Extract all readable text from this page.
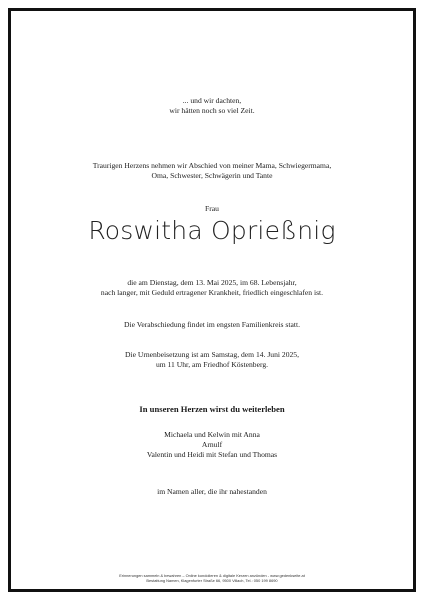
... und wir dachten,
wir hätten noch so viel Zeit.
Traurigen Herzens nehmen wir Abschied von meiner Mama, Schwiegermama,
Oma, Schwester, Schwägerin und Tante
Frau
Roswitha Oprießnig
die am Dienstag, dem 13. Mai 2025, im 68. Lebensjahr,
nach langer, mit Geduld ertragener Krankheit, friedlich eingeschlafen ist.
Die Verabschiedung findet im engsten Familienkreis statt.
Die Urnenbeisetzung ist am Samstag, dem 14. Juni 2025,
um 11 Uhr, am Friedhof Köstenberg.
In unseren Herzen wirst du weiterleben
Michaela und Kelwin mit Anna
Arnulf
Valentin und Heidi mit Stefan und Thomas
im Namen aller, die ihr nahestanden
Erinnerungen sammeln & bewahren – Online kondolieren & digitale Kerzen anzünden - www.gedenkseite.at
Bestattung Namen, Klagenfurter Straße 66, 9500 Villach, Tel.: 050 199 8690
